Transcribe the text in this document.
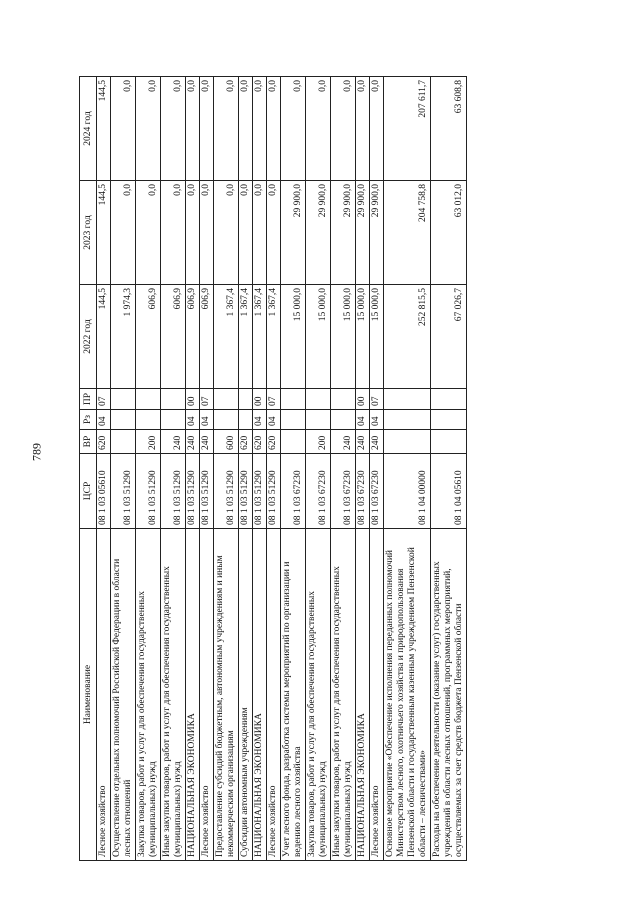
789
Наименование	ЦСР	ВР	Рз	ПР	2022 год	2023 год	2024 год
Лесное хозяйство	08 1 03 05610	620	04	07	144,5	144,5	144,5
Осуществление отдельных полномочий Российской Федерации в области лесных отношений	08 1 03 51290				1 974,3	0,0	0,0
Закупка товаров, работ и услуг для обеспечения государственных (муниципальных) нужд	08 1 03 51290	200			606,9	0,0	0,0
Иные закупки товаров, работ и услуг для обеспечения государственных (муниципальных) нужд	08 1 03 51290	240			606,9	0,0	0,0
НАЦИОНАЛЬНАЯ ЭКОНОМИКА	08 1 03 51290	240	04	00	606,9	0,0	0,0
Лесное хозяйство	08 1 03 51290	240	04	07	606,9	0,0	0,0
Предоставление субсидий бюджетным, автономным учреждениям и иным некоммерческим организациям	08 1 03 51290	600			1 367,4	0,0	0,0
Субсидии автономным учреждениям	08 1 03 51290	620			1 367,4	0,0	0,0
НАЦИОНАЛЬНАЯ ЭКОНОМИКА	08 1 03 51290	620	04	00	1 367,4	0,0	0,0
Лесное хозяйство	08 1 03 51290	620	04	07	1 367,4	0,0	0,0
Учет лесного фонда, разработка системы мероприятий по организации и ведению лесного хозяйства	08 1 03 67230				15 000,0	29 900,0	0,0
Закупка товаров, работ и услуг для обеспечения государственных (муниципальных) нужд	08 1 03 67230	200			15 000,0	29 900,0	0,0
Иные закупки товаров, работ и услуг для обеспечения государственных (муниципальных) нужд	08 1 03 67230	240			15 000,0	29 900,0	0,0
НАЦИОНАЛЬНАЯ ЭКОНОМИКА	08 1 03 67230	240	04	00	15 000,0	29 900,0	0,0
Лесное хозяйство	08 1 03 67230	240	04	07	15 000,0	29 900,0	0,0
Основное мероприятие «Обеспечение исполнения переданных полномочий Министерством лесного, охотничьего хозяйства и природопользования Пензенской области и государственным казенным учреждением Пензенской области – лесничествами»	08 1 04 00000				252 815,5	204 758,8	207 611,7
Расходы на обеспечение деятельности (оказание услуг) государственных учреждений в области лесных отношений, программных мероприятий, осуществляемых за счет средств бюджета Пензенской области	08 1 04 05610				67 026,7	63 012,0	63 608,8
